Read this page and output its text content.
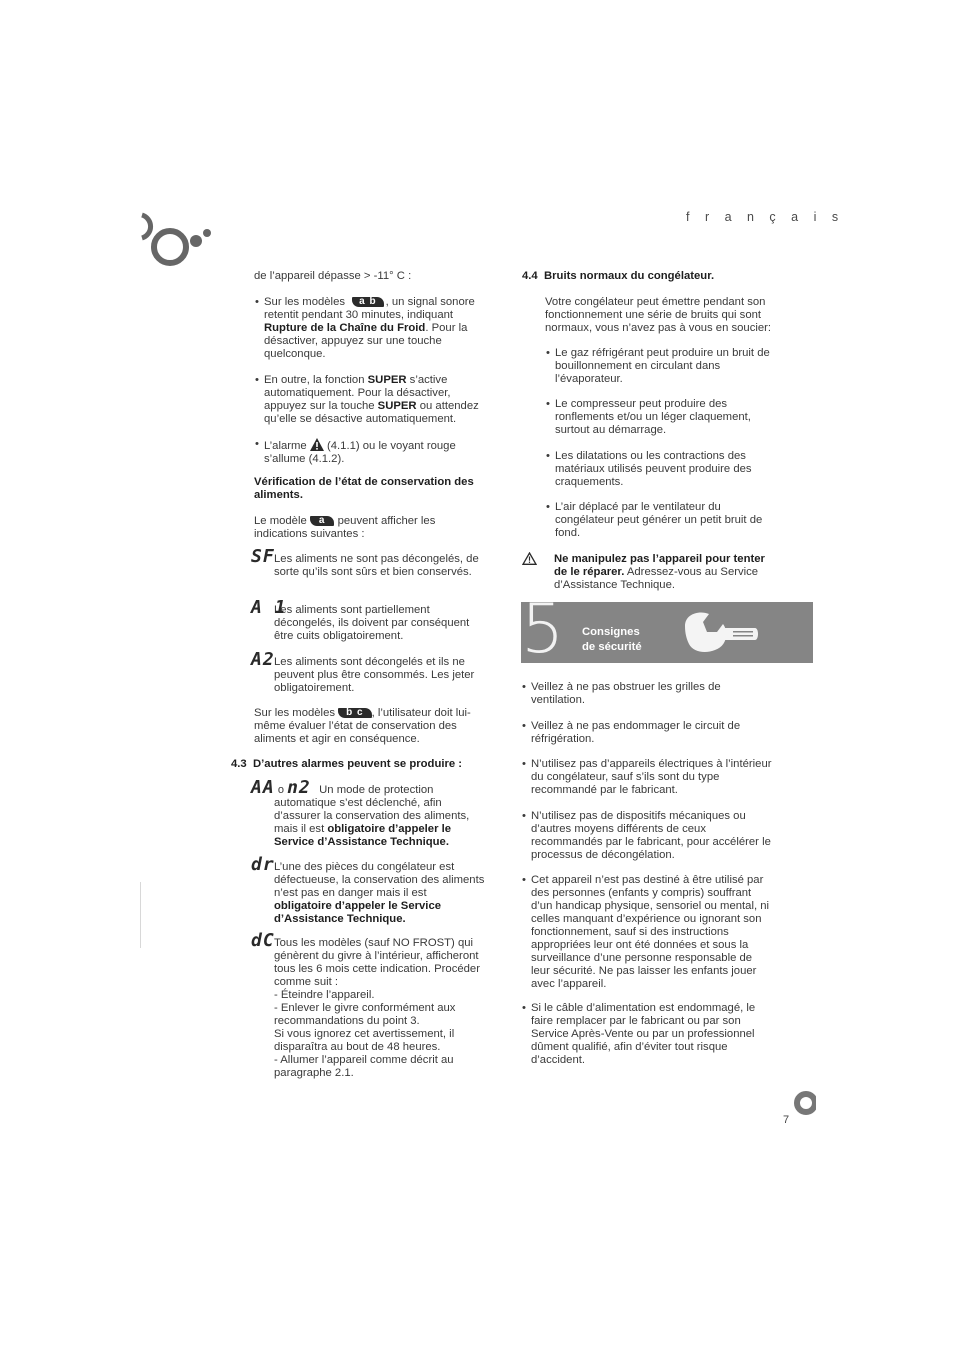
f r a n ç a i s

de l’appareil dépasse > -11° C :

• Sur les modèles a b , un signal sonore retentit pendant 30 minutes, indiquant Rupture de la Chaîne du Froid. Pour la désactiver, appuyez sur une touche quelconque.
• En outre, la fonction SUPER s’active automatiquement. Pour la désactiver, appuyez sur la touche SUPER ou attendez qu’elle se désactive automatiquement.
• L’alarme  (4.1.1) ou le voyant rouge s’allume (4.1.2).

Vérification de l’état de conservation des aliments.

Le modèle a peuvent afficher les indications suivantes :

SF Les aliments ne sont pas décongelés, de sorte qu’ils sont sûrs et bien conservés.
A 1
Les aliments sont partiellement décongelés, ils doivent par conséquent être cuits obligatoirement.
A2 Les aliments sont décongelés et ils ne peuvent plus être consommés. Les jeter obligatoirement.

Sur les modèles b c , l’utilisateur doit lui-même évaluer l’état de conservation des aliments et agir en conséquence.

4.3 D’autres alarmes peuvent se produire :

AA o n2 Un mode de protection automatique s’est déclenché, afin d’assurer la conservation des aliments, mais il est obligatoire d’appeler le Service d’Assistance Technique.
dr L’une des pièces du congélateur est défectueuse, la conservation des aliments n’est pas en danger mais il est obligatoire d’appeler le Service d’Assistance Technique.
dC Tous les modèles (sauf NO FROST) qui génèrent du givre à l’intérieur, afficheront tous les 6 mois cette indication. Procéder comme suit :
- Éteindre l’appareil.
- Enlever le givre conformément aux recommandations du point 3.
Si vous ignorez cet avertissement, il disparaîtra au bout de 48 heures.
- Allumer l’appareil comme décrit au paragraphe 2.1.

4.4 Bruits normaux du congélateur.

Votre congélateur peut émettre pendant son fonctionnement une série de bruits qui sont normaux, vous n’avez pas à vous en soucier:

• Le gaz réfrigérant peut produire un bruit de bouillonnement en circulant dans l’évaporateur.
• Le compresseur peut produire des ronflements et/ou un léger claquement, surtout au démarrage.
• Les dilatations ou les contractions des matériaux utilisés peuvent produire des craquements.
• L’air déplacé par le ventilateur du congélateur peut générer un petit bruit de fond.

Ne manipulez pas l’appareil pour tenter de le réparer. Adressez-vous au Service d’Assistance Technique.

5 Consignes
de sécurité
• Veillez à ne pas obstruer les grilles de ventilation.
• Veillez à ne pas endommager le circuit de réfrigération.
• N’utilisez pas d’appareils électriques à l’intérieur du congélateur, sauf s’ils sont du type recommandé par le fabricant.
• N’utilisez pas de dispositifs mécaniques ou d’autres moyens différents de ceux recommandés par le fabricant, pour accélérer le processus de décongélation.
• Cet appareil n’est pas destiné à être utilisé par des personnes (enfants y compris) souffrant d’un handicap physique, sensoriel ou mental, ni celles manquant d’expérience ou ignorant son fonctionnement, sauf si des instructions appropriées leur ont été données et sous la surveillance d’une personne responsable de leur sécurité. Ne pas laisser les enfants jouer avec l’appareil.
• Si le câble d’alimentation est endommagé, le faire remplacer par le fabricant ou par son Service Après-Vente ou par un professionnel dûment qualifié, afin d’éviter tout risque d’accident.
7
